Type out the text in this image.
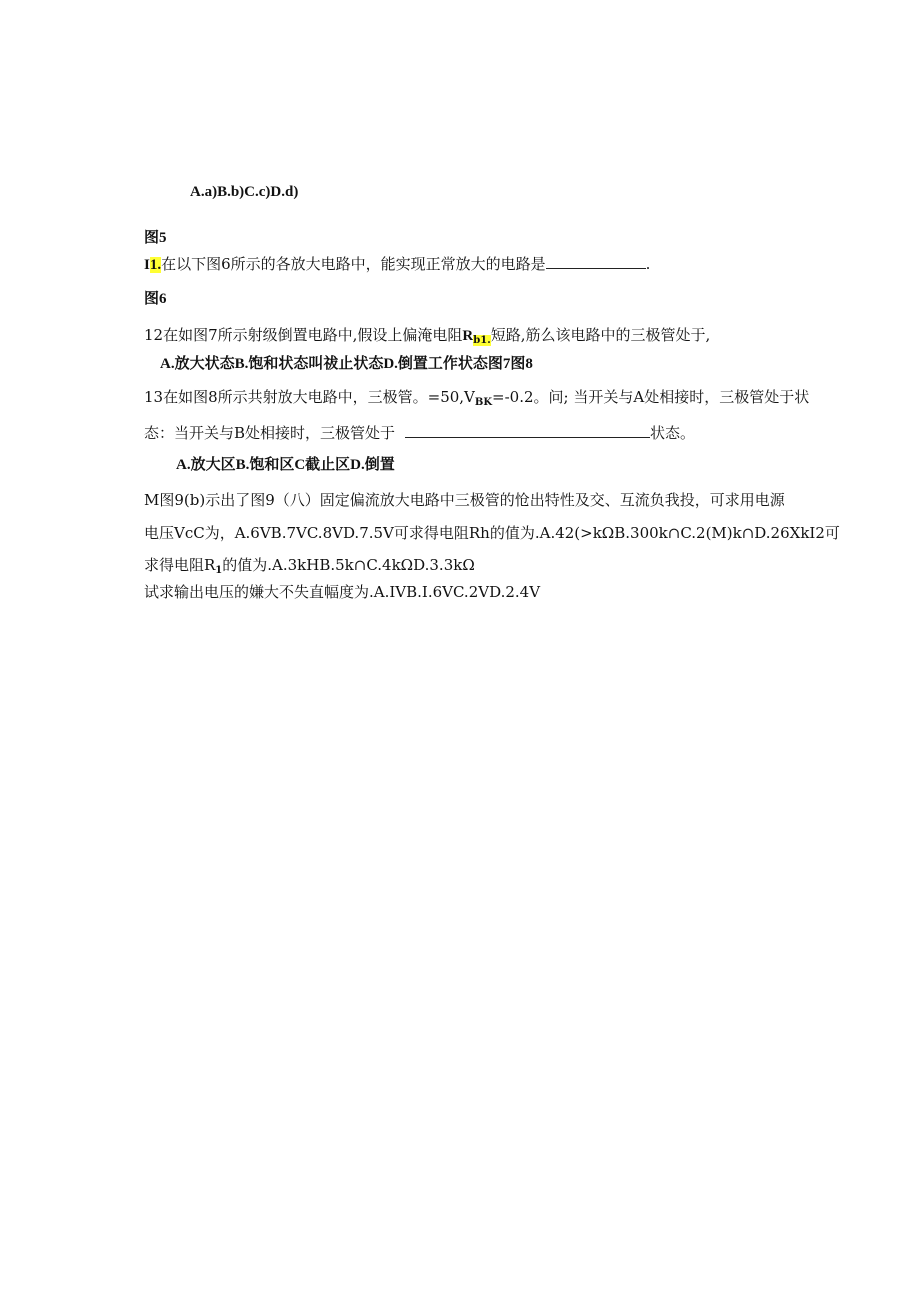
A.a)B.b)C.c)D.d)
图5
I1.在以下图6所示的各放大电路中，能实现正常放大的电路是	.
图6
12在如图7所示射级倒置电路中,假设上偏淹电阻$R_{b1.}$短路,筋么该电路中的三极管处于,
A.放大状态B.饱和状态叫祓止状态D.倒置工作状态图7图8
13在如图8所示共射放大电路中，三极管。$=50,V_{BK}=-0.2$。问; 当开关与A处相接时，三极管处于状
态：当开关与B处相接时，三极管处于	状态。
A.放大区B.饱和区C截止区D.倒置
M图9(b)示出了图9（八）固定偏流放大电路中三极管的怆出特性及交、互流负我投，可求用电源
电压VcC为，A.6VB.7VC.8VD.7.5V可求得电阻Rh的值为.A.42(>kΩB.300k∩C.2(M)k∩D.26XkI2可
求得电阻$R_1$的值为.A.3kHB.5k∩C.4kΩD.3.3kΩ
试求输出电压的嫌大不失直幅度为.A.IVB.I.6VC.2VD.2.4V
